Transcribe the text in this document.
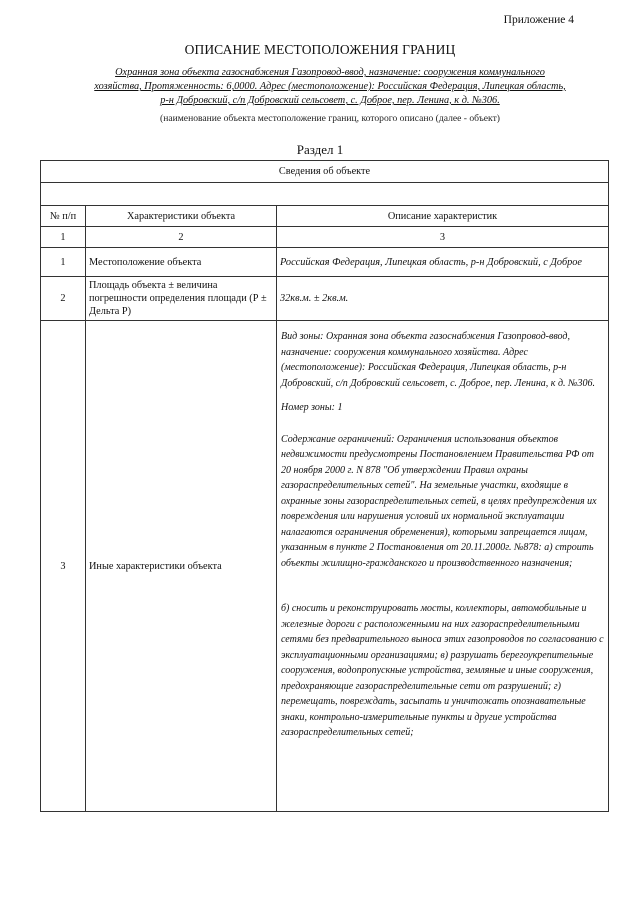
Приложение 4
ОПИСАНИЕ МЕСТОПОЛОЖЕНИЯ ГРАНИЦ
Охранная зона объекта газоснабжения Газопровод-ввод, назначение: сооружения коммунального
хозяйства, Протяженность: 6,0000. Адрес (местоположение): Российская Федерация, Липецкая область,
р-н Добровский, с/п Добровский сельсовет, с. Доброе, пер. Ленина, к д. №306.
(наименование объекта местоположение границ, которого описано (далее - объект)
Раздел 1
Сведения об объекте		

№ п/п	Характеристики объекта	Описание характеристик
1	2	3
1	Местоположение объекта	Российская Федерация, Липецкая область, р-н Добровский, с Доброе
2	Площадь объекта ± величина погрешности определения площади (Р ± Дельта Р)	32кв.м. ± 2кв.м.
3	Иные характеристики объекта	Вид зоны: Охранная зона объекта газоснабжения Газопровод-ввод, назначение: сооружения коммунального хозяйства. Адрес (местоположение): Российская Федерация, Липецкая область, р-н Добровский, с/п Добровский сельсовет, с. Доброе, пер. Ленина, к д. №306.

Номер зоны: 1

Содержание ограничений: Ограничения использования объектов недвижимости предусмотрены Постановлением Правительства РФ от 20 ноября 2000 г. N 878 "Об утверждении Правил охраны газораспределительных сетей". На земельные участки, входящие в охранные зоны газораспределительных сетей, в целях предупреждения их повреждения или нарушения условий их нормальной эксплуатации налагаются ограничения обременения), которыми запрещается лицам, указанным в пункте 2 Постановления от 20.11.2000г. №878: а) строить объекты жилищно-гражданского и производственного назначения;

б) сносить и реконструировать мосты, коллекторы, автомобильные и железные дороги с расположенными на них газораспределительными сетями без предварительного выноса этих газопроводов по согласованию с эксплуатационными организациями; в) разрушать берегоукрепительные сооружения, водопропускные устройства, земляные и иные сооружения, предохраняющие газораспределительные сети от разрушений; г) перемещать, повреждать, засыпать и уничтожать опознавательные знаки, контрольно-измерительные пункты и другие устройства газораспределительных сетей;
